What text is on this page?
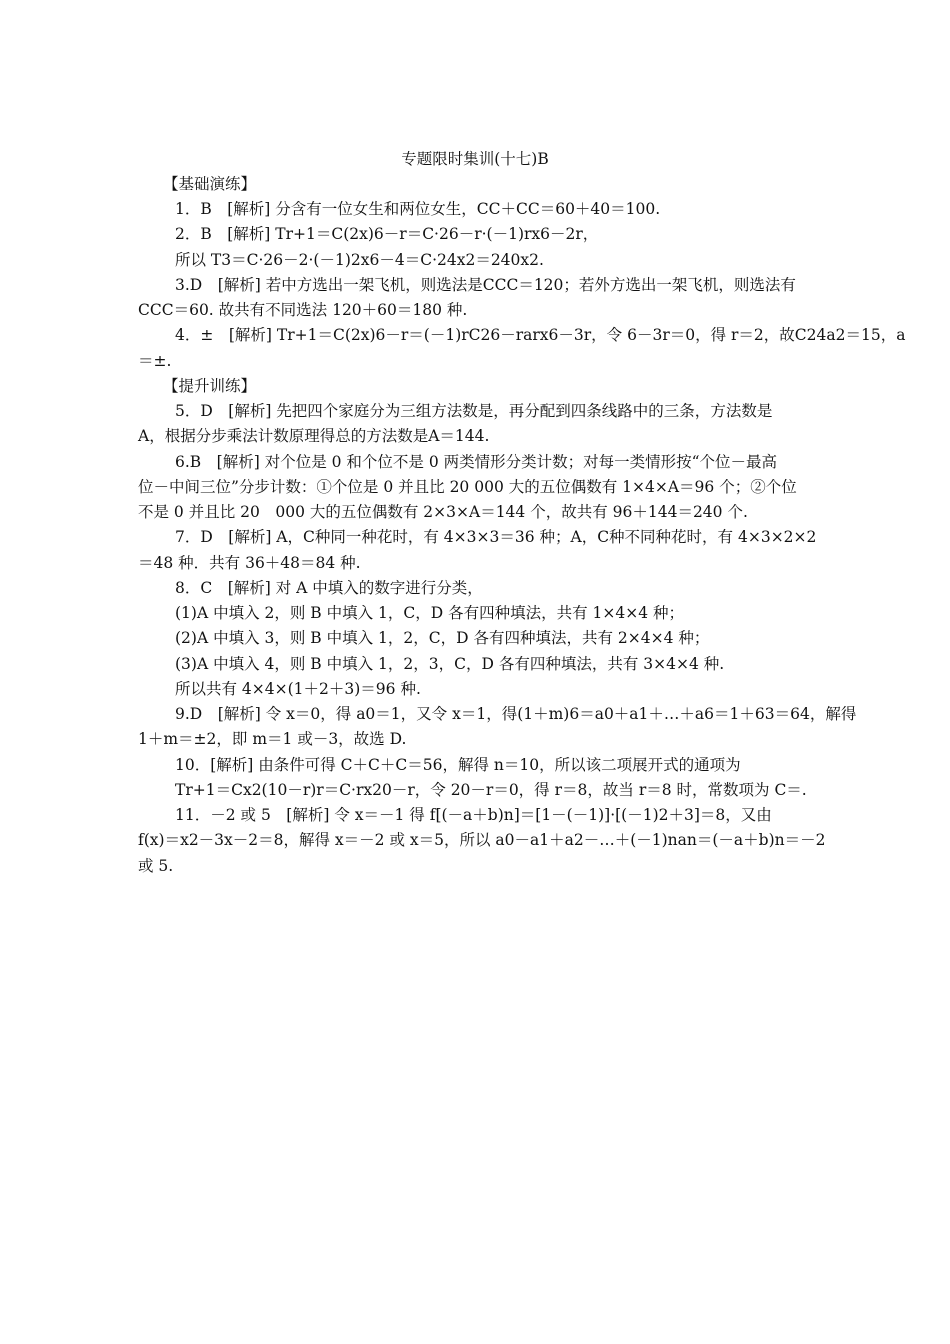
专题限时集训(十七)B
【基础演练】
1．B　[解析] 分含有一位女生和两位女生，CC＋CC＝60＋40＝100.
2．B　[解析] Tr+1＝C(2x)6－r＝C·26－r·(－1)rx6－2r，
所以 T3＝C·26－2·(－1)2x6－4＝C·24x2＝240x2.
3.D　[解析] 若中方选出一架飞机，则选法是CCC＝120；若外方选出一架飞机，则选法有
CCC＝60. 故共有不同选法 120＋60＝180 种.
4．±　[解析] Tr+1＝C(2x)6－r＝(－1)rC26－rarx6－3r，令 6－3r＝0，得 r＝2，故C24a2＝15，a
＝±.
【提升训练】
5．D　[解析] 先把四个家庭分为三组方法数是，再分配到四条线路中的三条，方法数是
A，根据分步乘法计数原理得总的方法数是A＝144.
6.B　[解析] 对个位是 0 和个位不是 0 两类情形分类计数；对每一类情形按“个位－最高
位－中间三位”分步计数：①个位是 0 并且比 20 000 大的五位偶数有 1×4×A＝96 个；②个位
不是 0 并且比 20　000 大的五位偶数有 2×3×A＝144 个，故共有 96＋144＝240 个.
7．D　[解析] A，C种同一种花时，有 4×3×3＝36 种；A，C种不同种花时，有 4×3×2×2
＝48 种．共有 36＋48＝84 种.
8．C　[解析] 对 A 中填入的数字进行分类，
(1)A 中填入 2，则 B 中填入 1，C，D 各有四种填法，共有 1×4×4 种；
(2)A 中填入 3，则 B 中填入 1，2，C，D 各有四种填法，共有 2×4×4 种；
(3)A 中填入 4，则 B 中填入 1，2，3，C，D 各有四种填法，共有 3×4×4 种.
所以共有 4×4×(1＋2＋3)＝96 种.
9.D　[解析] 令 x＝0，得 a0＝1，又令 x＝1，得(1＋m)6＝a0＋a1＋…＋a6＝1＋63＝64，解得
1＋m＝±2，即 m＝1 或－3，故选 D.
10．[解析] 由条件可得 C＋C＋C＝56，解得 n＝10，所以该二项展开式的通项为
Tr+1＝Cx2(10－r)r＝C·rx20－r，令 20－r＝0，得 r＝8，故当 r＝8 时，常数项为 C＝.
11．－2 或 5　[解析] 令 x＝－1 得 f[(－a＋b)n]＝[1－(－1)]·[(－1)2＋3]＝8，又由
f(x)＝x2－3x－2＝8，解得 x＝－2 或 x＝5，所以 a0－a1＋a2－…＋(－1)nan＝(－a＋b)n＝－2
或 5.
